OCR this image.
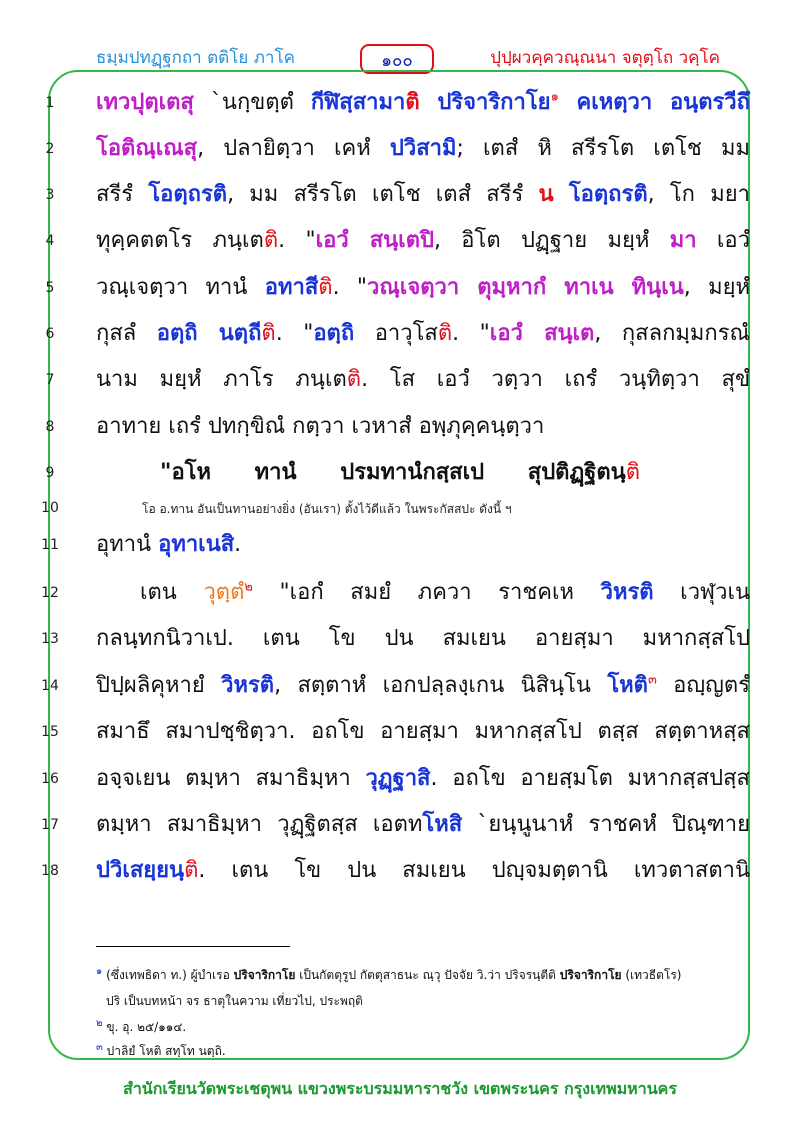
ธมฺมปทฏฺฐกถา ตติโย ภาโค	๑๐๐	ปุปฺผวคฺควณฺณนา จตุตฺโถ วคฺโค
1
2
3
4
5
6
7
8
9
10
11
12
13
14
15
16
17
18
เทวปุตฺเตสุ `นกฺขตฺตํ กีฬิสฺสามาติ ปริจาริกาโย$^๑$ คเหตฺวา อนฺตรวีถึ
โอติณฺเณสุ, ปลายิตฺวา เคหํ ปวิสามิ; เตสํ หิ สรีรโต เตโช มม
สรีรํ โอตฺถรติ, มม สรีรโต เตโช เตสํ สรีรํ น โอตฺถรติ, โก มยา
ทุคฺคตตโร ภนฺเตติ. "เอวํ สนฺเตปิ, อิโต ปฏฺฐาย มยฺหํ มา เอวํ
วณฺเจตฺวา ทานํ อทาสีติ. "วณฺเจตฺวา ตุมฺหากํ ทาเน ทินฺเน, มยฺหํ
กุสลํ อตฺถิ นตฺถีติ. "อตฺถิ อาวุโสติ. "เอวํ สนฺเต, กุสลกมฺมกรณํ
นาม มยฺหํ ภาโร ภนฺเตติ. โส เอวํ วตฺวา เถรํ วนฺทิตฺวา สุขํ
อาทาย เถรํ ปทกฺขิณํ กตฺวา เวหาสํ อพฺภุคฺคนฺตฺวา
"อโห ทานํ ปรมทานํกสฺสเป สุปติฏฺฐิตนฺติ
โอ อ.ทาน อันเป็นทานอย่างยิ่ง (อันเรา) ตั้งไว้ดีแล้ว ในพระกัสสปะ ดังนี้ ฯ
อุทานํ อุทาเนสิ.
เตน วุตฺตํ$^๒$ "เอกํ สมยํ ภควา ราชคเห วิหรติ เวฬุวเน
กลนฺทกนิวาเป. เตน โข ปน สมเยน อายสฺมา มหากสฺสโป
ปิปฺผลิคุหายํ วิหรติ, สตฺตาหํ เอกปลฺลงฺเกน นิสินฺโน โหติ$^๓$ อญฺญตรํ
สมาธึ สมาปชฺชิตฺวา. อถโข อายสฺมา มหากสฺสโป ตสฺส สตฺตาหสฺส
อจฺจเยน ตมฺหา สมาธิมฺหา วุฏฺฐาสิ. อถโข อายสฺมโต มหากสฺสปสฺส
ตมฺหา สมาธิมฺหา วุฏฺฐิตสฺส เอตทโหสิ `ยนฺนูนาหํ ราชคหํ ปิณฺฑาย
ปวิเสยฺยนฺติ. เตน โข ปน สมเยน ปญฺจมตฺตานิ เทวตาสตานิ
$^๑$ (ซึ่งเทพธิดา ท.) ผู้บำเรอ ปริจาริกาโย เป็นกัตตุรูป กัตตุสาธนะ ณฺวุ ปัจจัย วิ.ว่า ปริจรนฺตีติ ปริจาริกาโย (เทวธีตโร)
ปริ เป็นบทหน้า จร ธาตุในความ เที่ยวไป, ประพฤติ
$^๒$ ขุ. อุ. ๒๕/๑๑๔.
$^๓$ ปาลิยํ โหติ สทฺโท นตฺถิ.
สำนักเรียนวัดพระเชตุพน แขวงพระบรมมหาราชวัง เขตพระนคร กรุงเทพมหานคร
